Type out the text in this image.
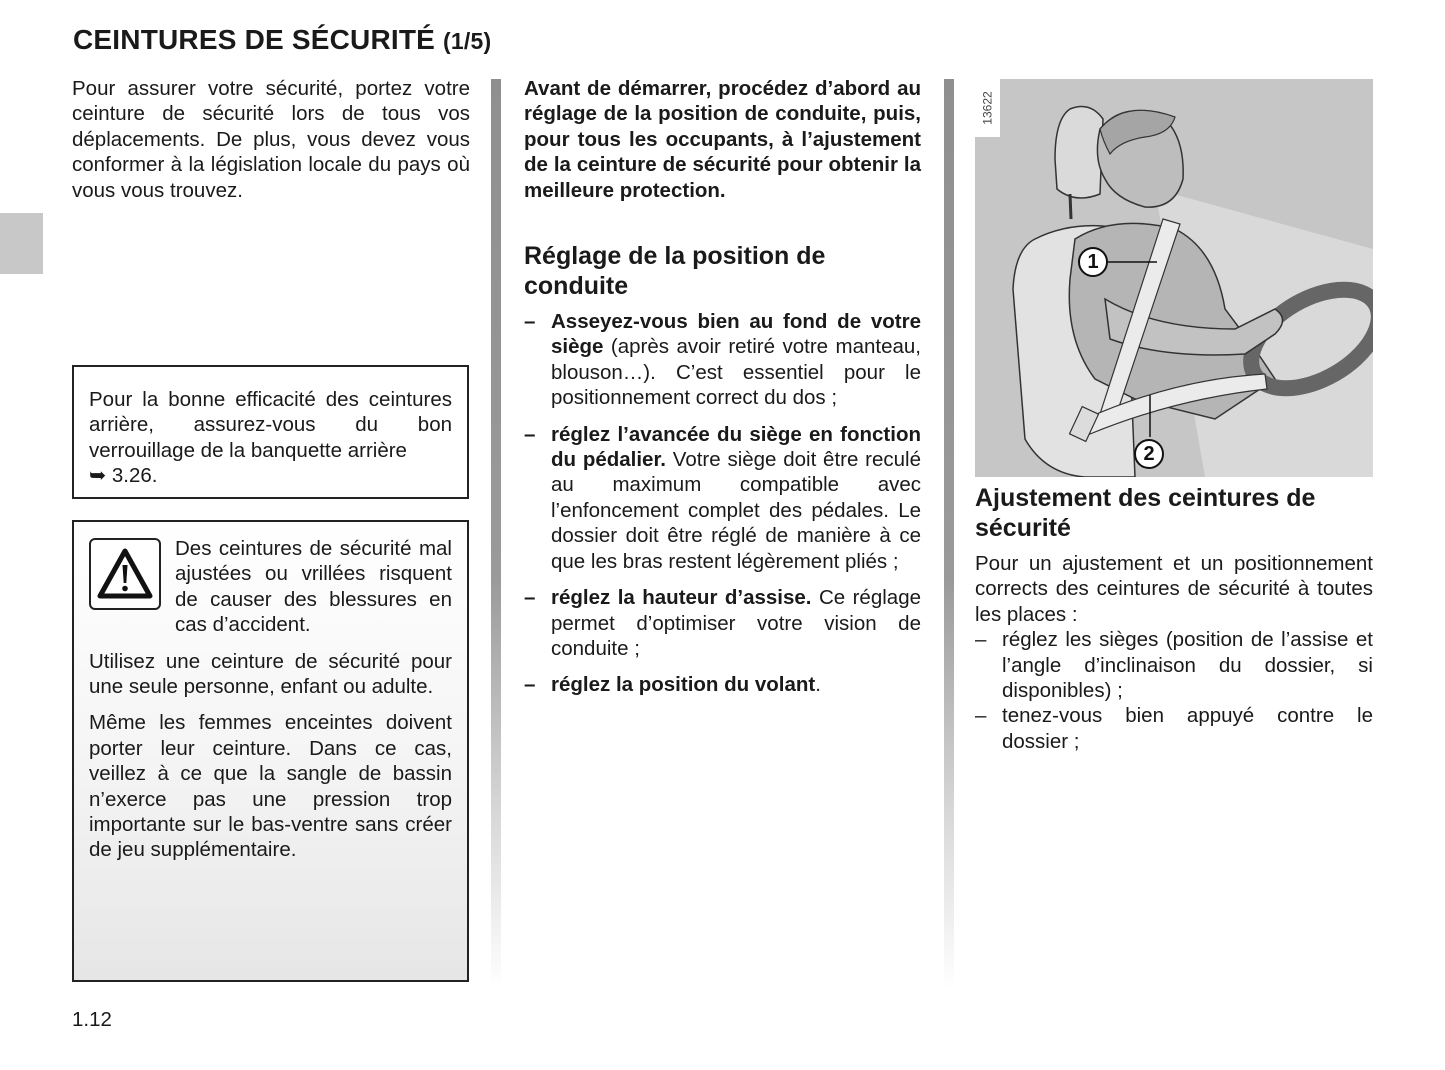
CEINTURES DE SÉCURITÉ (1/5)

Pour assurer votre sécurité, portez votre ceinture de sécurité lors de tous vos déplacements. De plus, vous devez vous conformer à la législation locale du pays où vous vous trouvez.

Pour la bonne efficacité des ceintures arrière, assurez-vous du bon verrouillage de la banquette arrière
➥ 3.26.

Des ceintures de sécurité mal ajustées ou vrillées risquent de causer des blessures en cas d’accident.

Utilisez une ceinture de sécurité pour une seule personne, enfant ou adulte.

Même les femmes enceintes doivent porter leur ceinture. Dans ce cas, veillez à ce que la sangle de bassin n’exerce pas une pression trop importante sur le bas-ventre sans créer de jeu supplémentaire.

Avant de démarrer, procédez d’abord au réglage de la position de conduite, puis, pour tous les occupants, à l’ajustement de la ceinture de sécurité pour obtenir la meilleure protection.

Réglage de la position de conduite
– Asseyez-vous bien au fond de votre siège (après avoir retiré votre manteau, blouson…). C’est essentiel pour le positionnement correct du dos ;
– réglez l’avancée du siège en fonction du pédalier. Votre siège doit être reculé au maximum compatible avec l’enfoncement complet des pédales. Le dossier doit être réglé de manière à ce que les bras restent légèrement pliés ;
– réglez la hauteur d’assise. Ce réglage permet d’optimiser votre vision de conduite ;
– réglez la position du volant.
13622
1
2
Ajustement des ceintures de sécurité

Pour un ajustement et un positionnement corrects des ceintures de sécurité à toutes les places :

– réglez les sièges (position de l’assise et l’angle d’inclinaison du dossier, si disponibles) ;
– tenez-vous bien appuyé contre le dossier ;
1.12
